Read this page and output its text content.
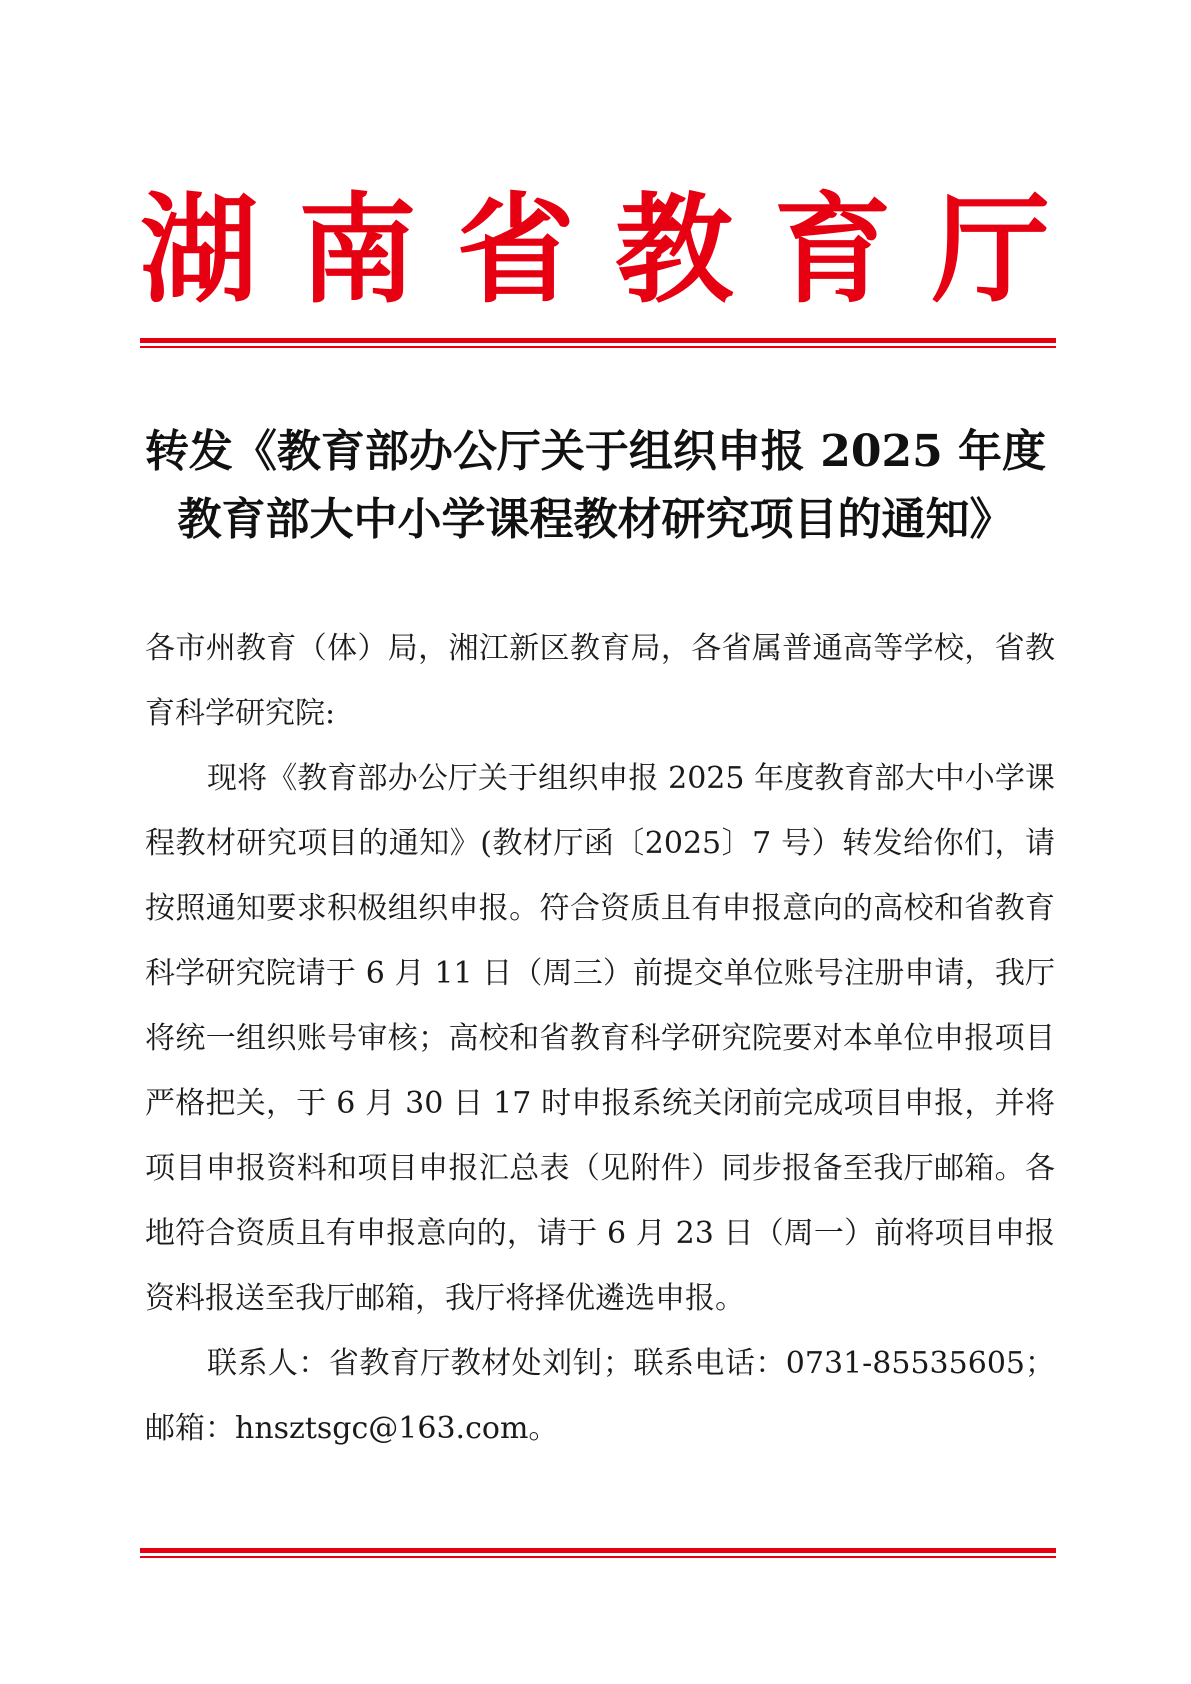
湖 南 省 教 育 厅
转发《教育部办公厅关于组织申报 2025 年度
教育部大中小学课程教材研究项目的通知》

各市州教育（体）局，湘江新区教育局，各省属普通高等学校，省教育科学研究院:

现将《教育部办公厅关于组织申报 2025 年度教育部大中小学课程教材研究项目的通知》(教材厅函〔2025〕7 号）转发给你们，请按照通知要求积极组织申报。符合资质且有申报意向的高校和省教育科学研究院请于 6 月 11 日（周三）前提交单位账号注册申请，我厅将统一组织账号审核；高校和省教育科学研究院要对本单位申报项目严格把关，于 6 月 30 日 17 时申报系统关闭前完成项目申报，并将项目申报资料和项目申报汇总表（见附件）同步报备至我厅邮箱。各地符合资质且有申报意向的，请于 6 月 23 日（周一）前将项目申报资料报送至我厅邮箱，我厅将择优遴选申报。

联系人：省教育厅教材处刘钊；联系电话：0731-85535605；邮箱：hnsztsgc@163.com。
